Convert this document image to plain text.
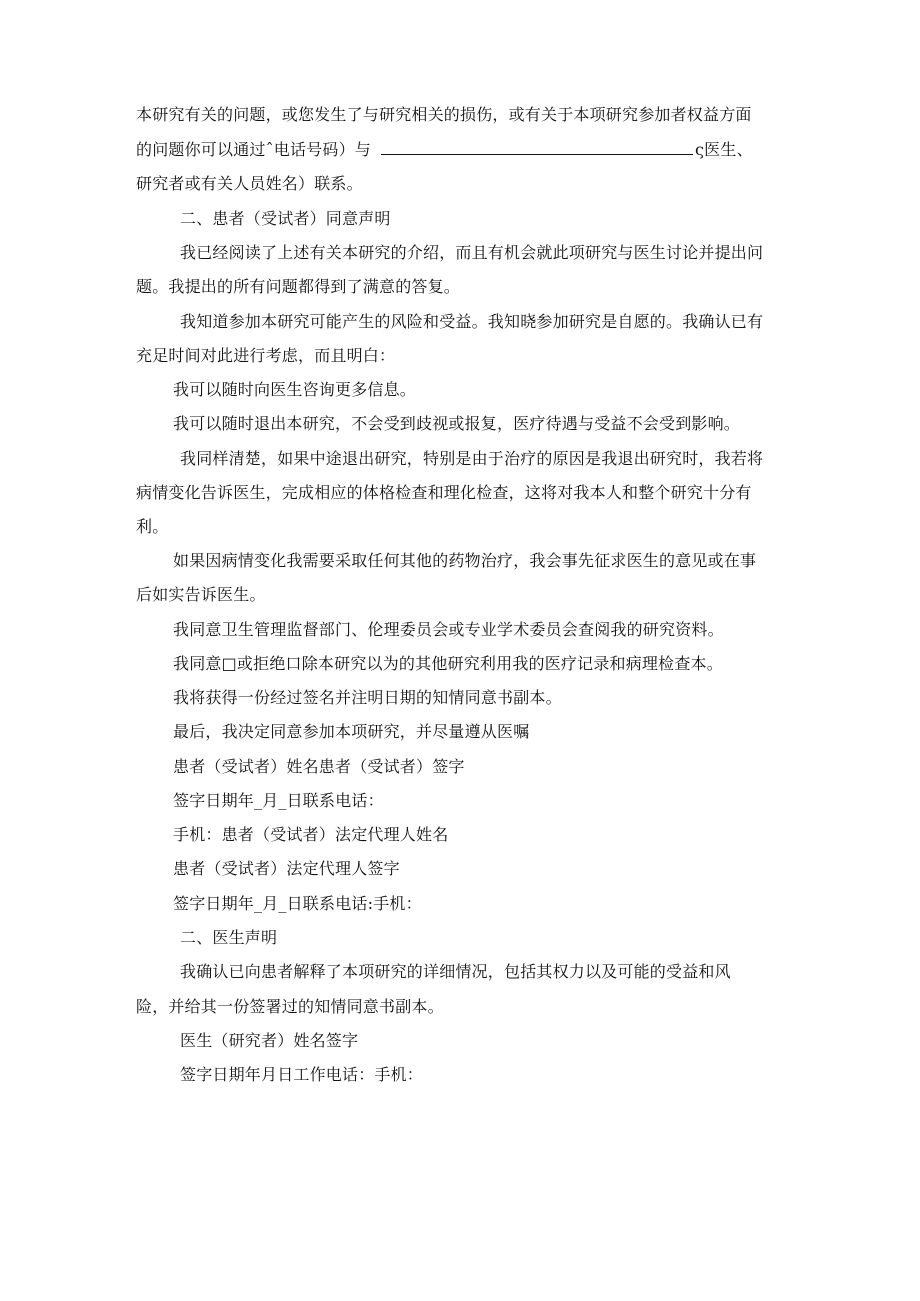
本研究有关的问题，或您发生了与研究相关的损伤，或有关于本项研究参加者权益方面
的问题你可以通过ˆ电话号码）与	ς医生、
研究者或有关人员姓名）联系。
二、患者（受试者）同意声明
我已经阅读了上述有关本研究的介绍，而且有机会就此项研究与医生讨论并提出问
题。我提出的所有问题都得到了满意的答复。
我知道参加本研究可能产生的风险和受益。我知晓参加研究是自愿的。我确认已有
充足时间对此进行考虑，而且明白：
我可以随时向医生咨询更多信息。
我可以随时退出本研究，不会受到歧视或报复，医疗待遇与受益不会受到影响。
我同样清楚，如果中途退出研究，特别是由于治疗的原因是我退出研究时，我若将
病情变化告诉医生，完成相应的体格检查和理化检查，这将对我本人和整个研究十分有
利。
如果因病情变化我需要采取任何其他的药物治疗，我会事先征求医生的意见或在事
后如实告诉医生。
我同意卫生管理监督部门、伦理委员会或专业学术委员会查阅我的研究资料。
我同意□或拒绝口除本研究以为的其他研究利用我的医疗记录和病理检查本。
我将获得一份经过签名并注明日期的知情同意书副本。
最后，我决定同意参加本项研究，并尽量遵从医嘱
患者（受试者）姓名患者（受试者）签字
签字日期年_月_日联系电话：
手机：患者（受试者）法定代理人姓名
患者（受试者）法定代理人签字
签字日期年_月_日联系电话:手机：
二、医生声明
我确认已向患者解释了本项研究的详细情况，包括其权力以及可能的受益和风
险，并给其一份签署过的知情同意书副本。
医生（研究者）姓名签字
签字日期年月日工作电话：手机：
